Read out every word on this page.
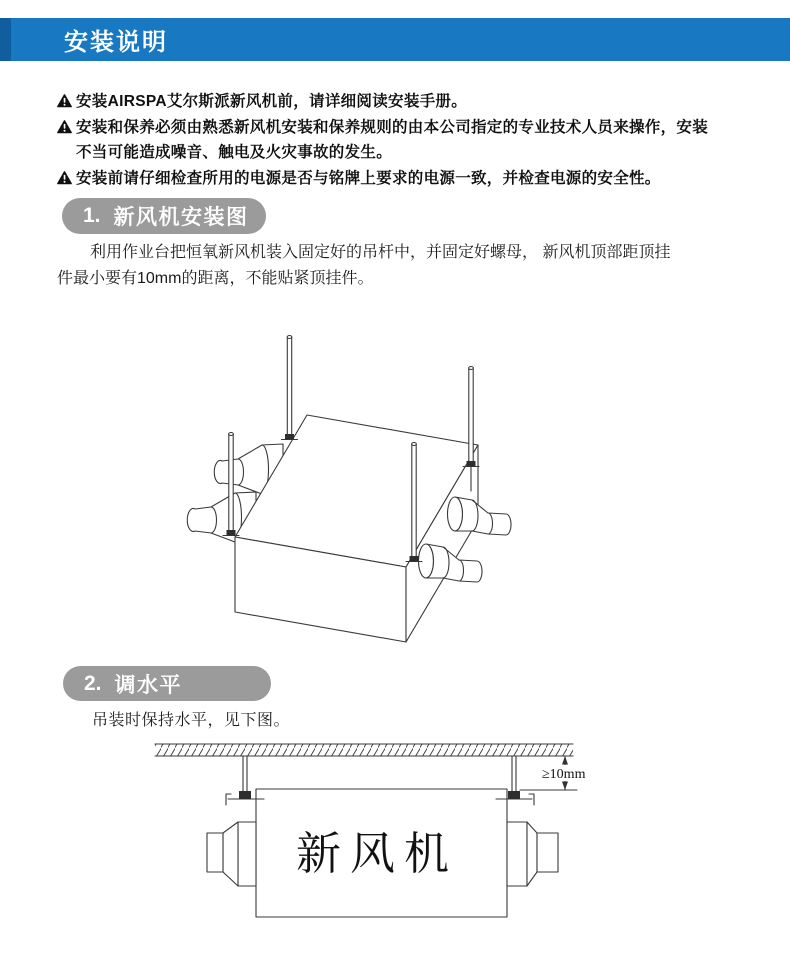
安装说明
安装AIRSPA艾尔斯派新风机前，请详细阅读安装手册。
安装和保养必须由熟悉新风机安装和保养规则的由本公司指定的专业技术人员来操作，安装
不当可能造成噪音、触电及火灾事故的发生。
安装前请仔细检查所用的电源是否与铭牌上要求的电源一致，并检查电源的安全性。
1. 新风机安装图
利用作业台把恒氧新风机装入固定好的吊杆中，并固定好螺母， 新风机顶部距顶挂
件最小要有10mm的距离，不能贴紧顶挂件。
2. 调水平
吊装时保持水平，见下图。
≥10mm
新风机
